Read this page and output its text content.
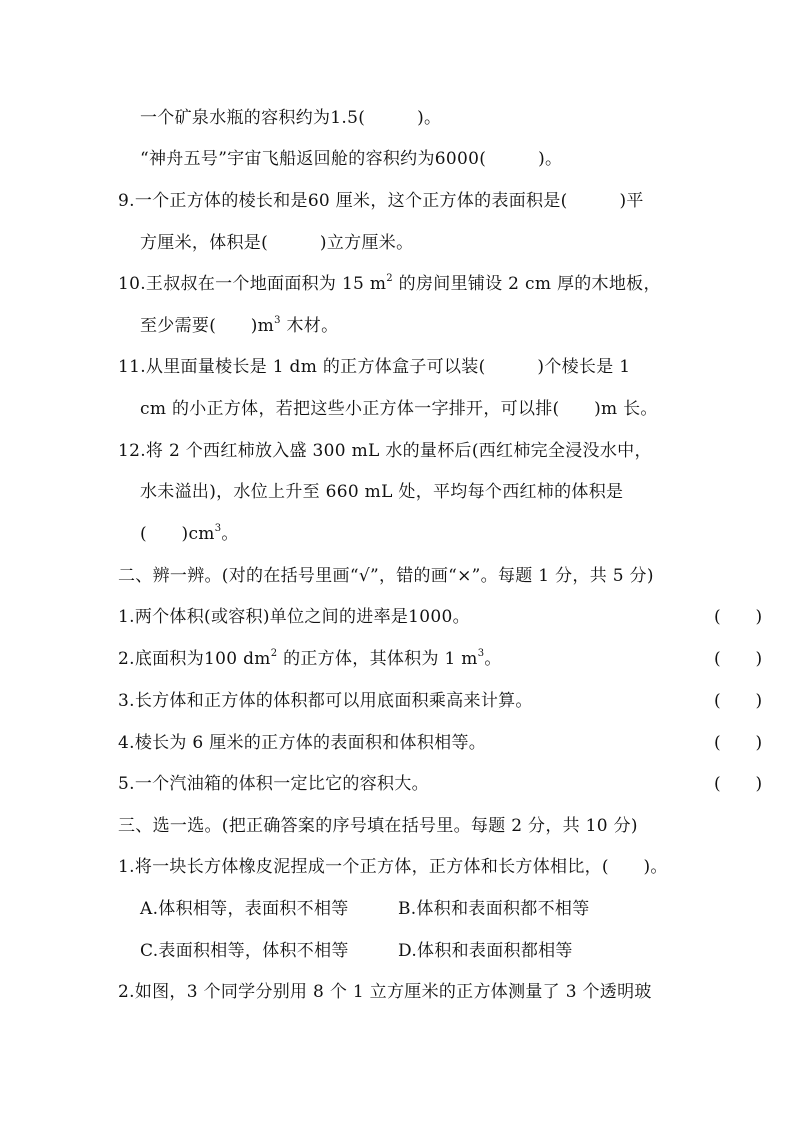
一个矿泉水瓶的容积约为1.5(　　　)。
“神舟五号”宇宙飞船返回舱的容积约为6000(　　　)。
9.一个正方体的棱长和是60 厘米，这个正方体的表面积是(　　　)平
方厘米，体积是(　　　)立方厘米。
10.王叔叔在一个地面面积为 15 $m^2$ 的房间里铺设 2 cm 厚的木地板，
至少需要(　　)$m^3$ 木材。
11.从里面量棱长是 1 dm 的正方体盒子可以装(　　　)个棱长是 1
cm 的小正方体，若把这些小正方体一字排开，可以排(　　)m 长。
12.将 2 个西红柿放入盛 300 mL 水的量杯后(西红柿完全浸没水中，
水未溢出)，水位上升至 660 mL 处，平均每个西红柿的体积是
(　　)$cm^3$。
二、辨一辨。(对的在括号里画“√”，错的画“×”。每题 1 分，共 5 分)
1.两个体积(或容积)单位之间的进率是1000。	(　　)
2.底面积为100 $dm^2$ 的正方体，其体积为 1 $m^3$。	(　　)
3.长方体和正方体的体积都可以用底面积乘高来计算。	(　　)
4.棱长为 6 厘米的正方体的表面积和体积相等。	(　　)
5.一个汽油箱的体积一定比它的容积大。	(　　)
三、选一选。(把正确答案的序号填在括号里。每题 2 分，共 10 分)
1.将一块长方体橡皮泥捏成一个正方体，正方体和长方体相比，(　　)。
A.体积相等，表面积不相等	B.体积和表面积都不相等
C.表面积相等，体积不相等	D.体积和表面积都相等
2.如图，3 个同学分别用 8 个 1 立方厘米的正方体测量了 3 个透明玻
